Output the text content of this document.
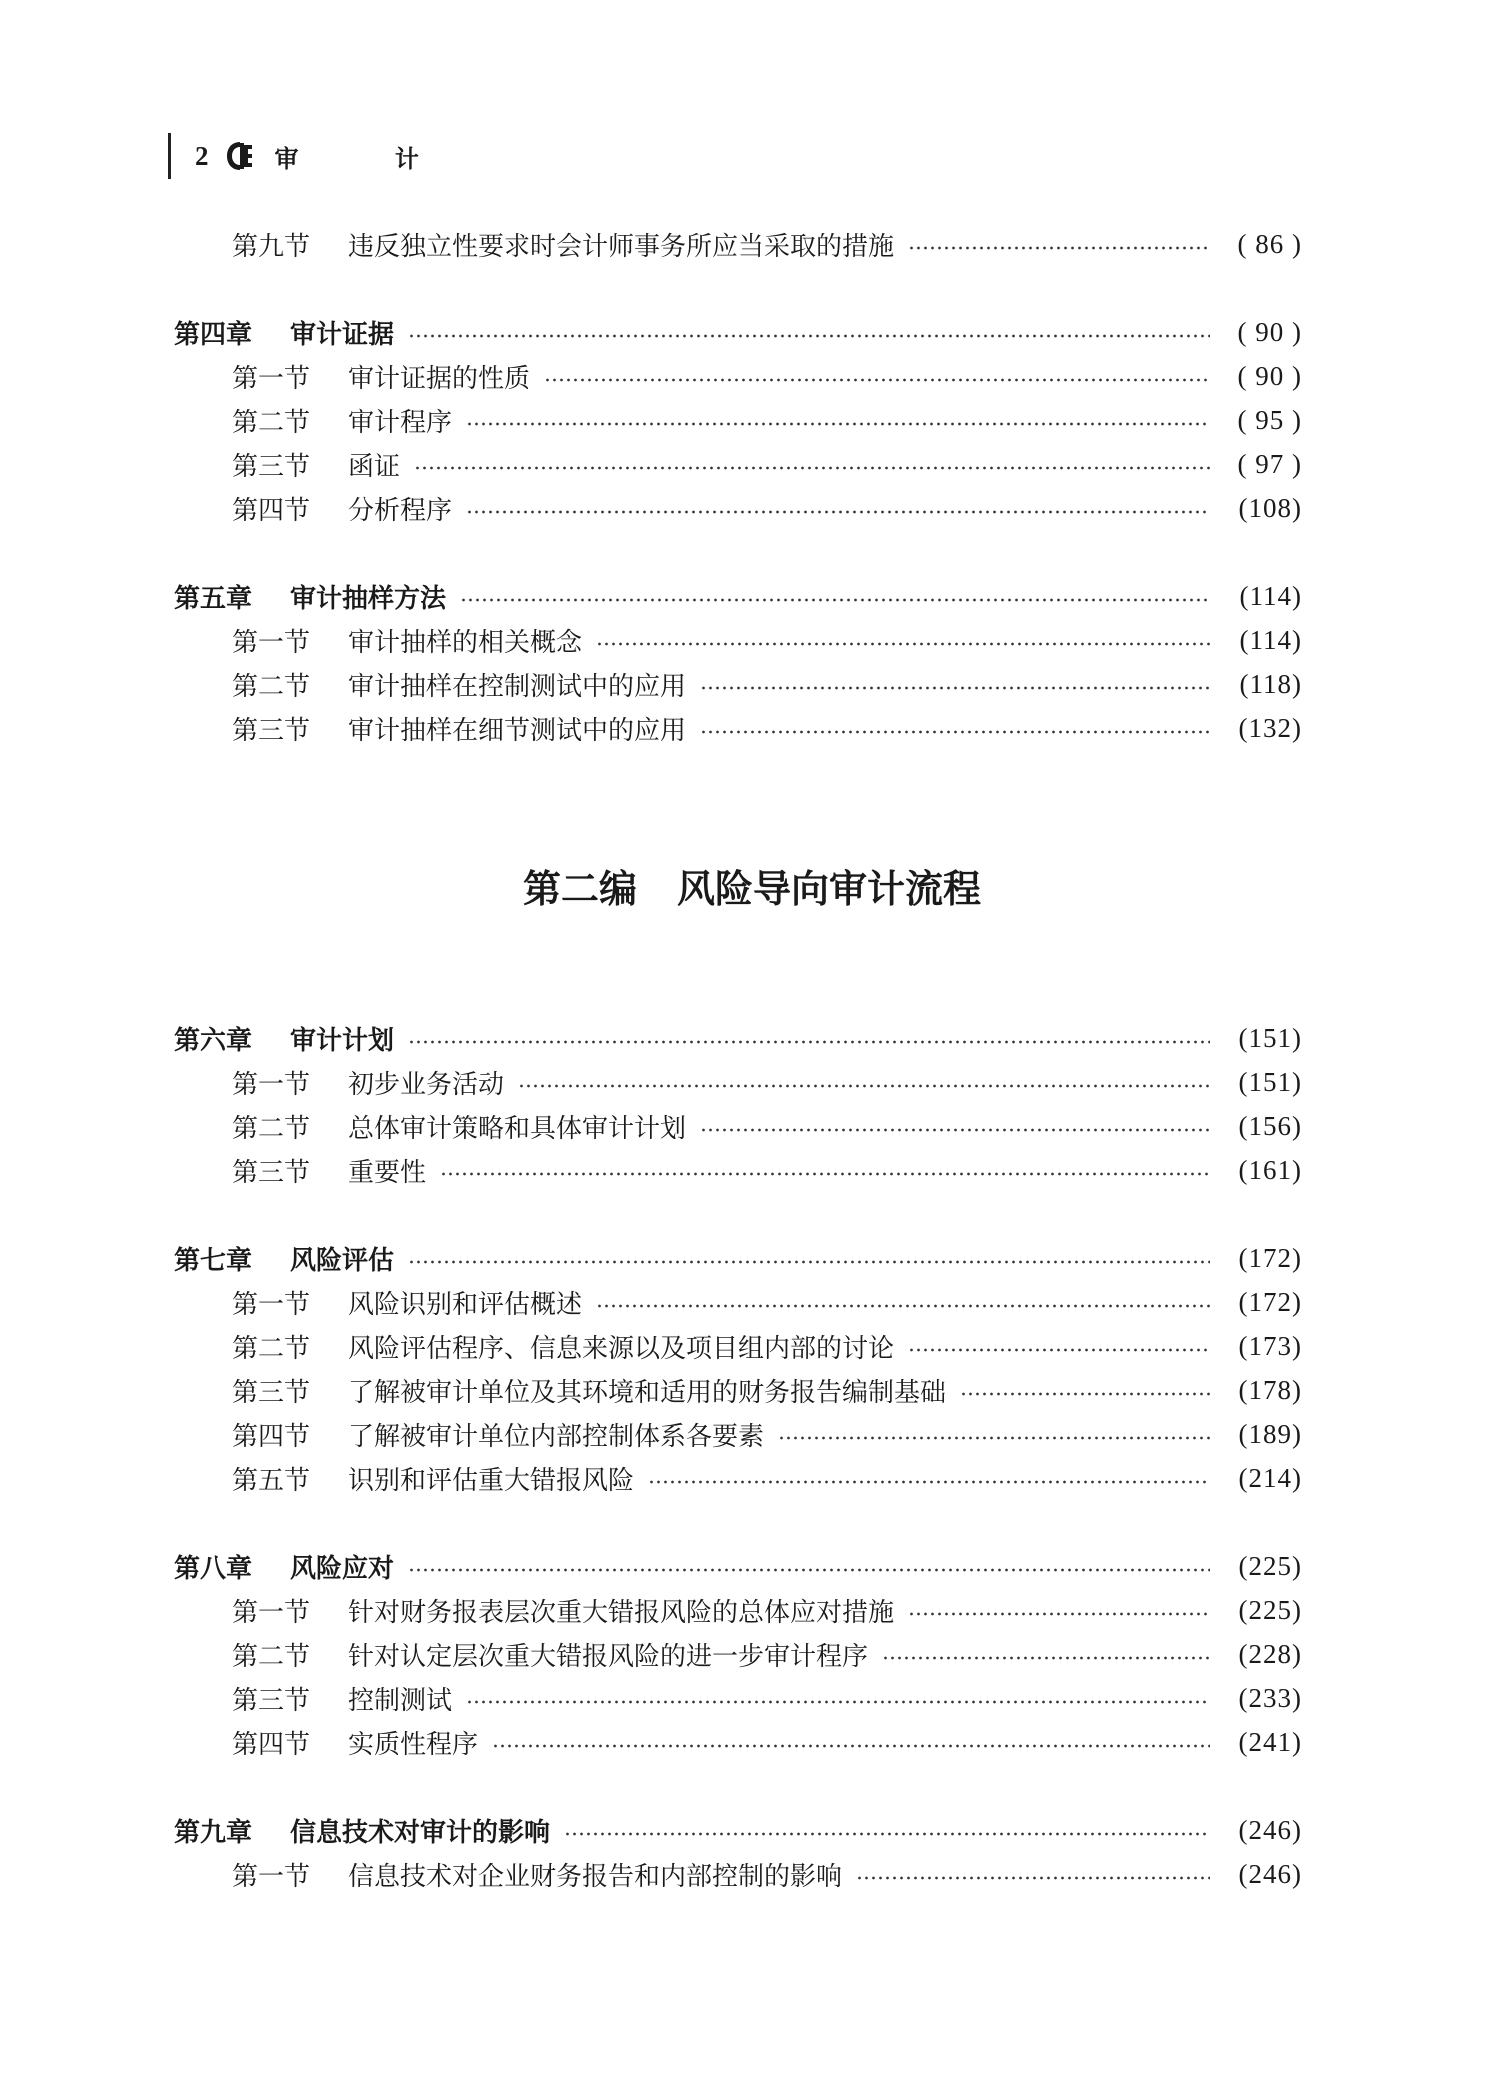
2	审 计
第九节	违反独立性要求时会计师事务所应当采取的措施	( 86 )
第四章	审计证据	( 90 )
第一节	审计证据的性质	( 90 )
第二节	审计程序	( 95 )
第三节	函证	( 97 )
第四节	分析程序	(108)
第五章	审计抽样方法	(114)
第一节	审计抽样的相关概念	(114)
第二节	审计抽样在控制测试中的应用	(118)
第三节	审计抽样在细节测试中的应用	(132)
第二编 风险导向审计流程
第六章	审计计划	(151)
第一节	初步业务活动	(151)
第二节	总体审计策略和具体审计计划	(156)
第三节	重要性	(161)
第七章	风险评估	(172)
第一节	风险识别和评估概述	(172)
第二节	风险评估程序、信息来源以及项目组内部的讨论	(173)
第三节	了解被审计单位及其环境和适用的财务报告编制基础	(178)
第四节	了解被审计单位内部控制体系各要素	(189)
第五节	识别和评估重大错报风险	(214)
第八章	风险应对	(225)
第一节	针对财务报表层次重大错报风险的总体应对措施	(225)
第二节	针对认定层次重大错报风险的进一步审计程序	(228)
第三节	控制测试	(233)
第四节	实质性程序	(241)
第九章	信息技术对审计的影响	(246)
第一节	信息技术对企业财务报告和内部控制的影响	(246)
